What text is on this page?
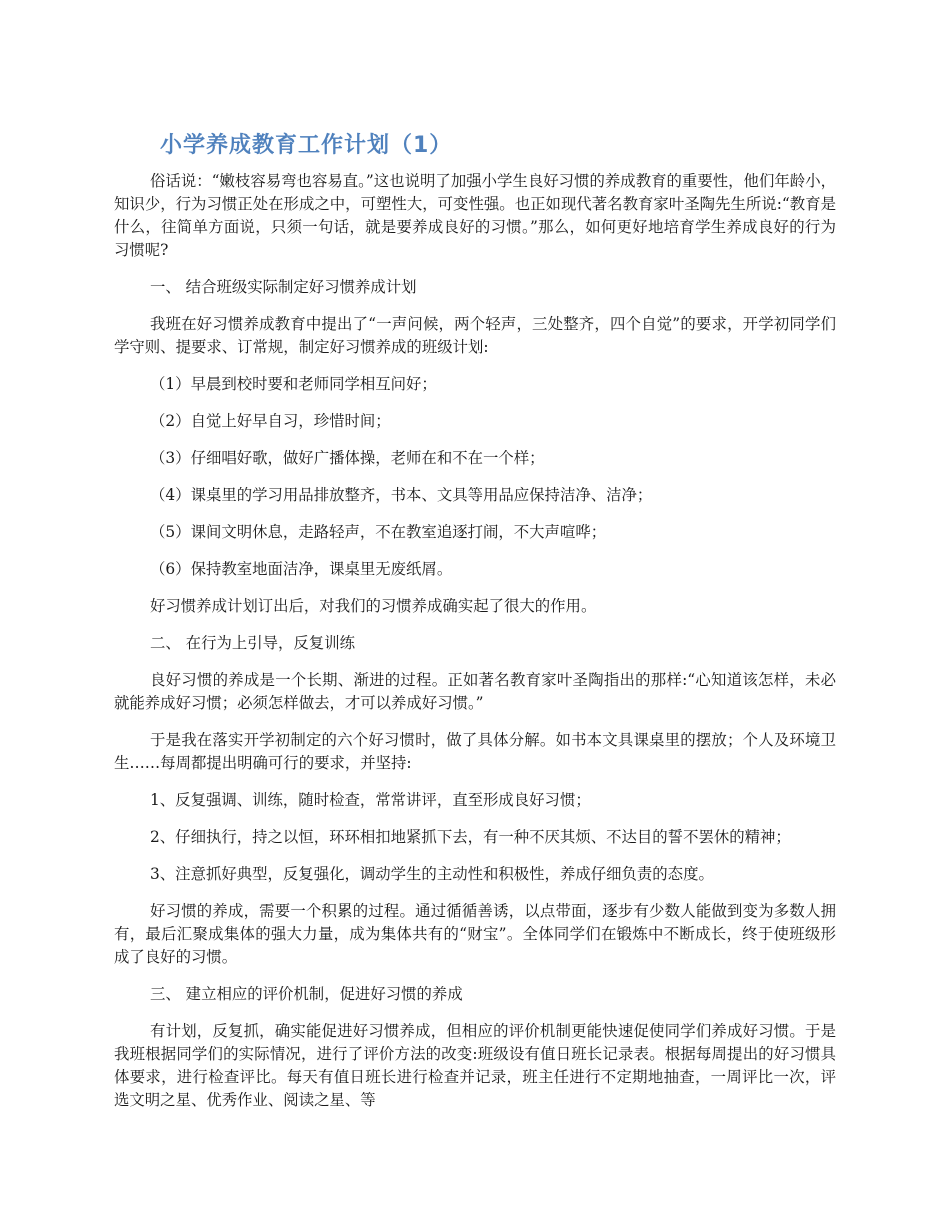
小学养成教育工作计划（1）

俗话说：“嫩枝容易弯也容易直。”这也说明了加强小学生良好习惯的养成教育的重要性，他们年龄小，知识少，行为习惯正处在形成之中，可塑性大，可变性强。也正如现代著名教育家叶圣陶先生所说:“教育是什么，往简单方面说，只须一句话，就是要养成良好的习惯。”那么，如何更好地培育学生养成良好的行为习惯呢?

一、 结合班级实际制定好习惯养成计划

我班在好习惯养成教育中提出了“一声问候，两个轻声，三处整齐，四个自觉”的要求，开学初同学们学守则、提要求、订常规，制定好习惯养成的班级计划:

（1）早晨到校时要和老师同学相互问好；

（2）自觉上好早自习，珍惜时间；

（3）仔细唱好歌，做好广播体操，老师在和不在一个样；

（4）课桌里的学习用品排放整齐，书本、文具等用品应保持洁净、洁净；

（5）课间文明休息，走路轻声，不在教室追逐打闹，不大声喧哗；

（6）保持教室地面洁净，课桌里无废纸屑。

好习惯养成计划订出后，对我们的习惯养成确实起了很大的作用。

二、 在行为上引导，反复训练

良好习惯的养成是一个长期、渐进的过程。正如著名教育家叶圣陶指出的那样:“心知道该怎样，未必就能养成好习惯；必须怎样做去，才可以养成好习惯。”

于是我在落实开学初制定的六个好习惯时，做了具体分解。如书本文具课桌里的摆放；个人及环境卫生……每周都提出明确可行的要求，并坚持:

1、反复强调、训练，随时检查，常常讲评，直至形成良好习惯；

2、仔细执行，持之以恒，环环相扣地紧抓下去，有一种不厌其烦、不达目的誓不罢休的精神；

3、注意抓好典型，反复强化，调动学生的主动性和积极性，养成仔细负责的态度。

好习惯的养成，需要一个积累的过程。通过循循善诱，以点带面，逐步有少数人能做到变为多数人拥有，最后汇聚成集体的强大力量，成为集体共有的“财宝”。全体同学们在锻炼中不断成长，终于使班级形成了良好的习惯。

三、 建立相应的评价机制，促进好习惯的养成

有计划，反复抓，确实能促进好习惯养成，但相应的评价机制更能快速促使同学们养成好习惯。于是我班根据同学们的实际情况，进行了评价方法的改变:班级设有值日班长记录表。根据每周提出的好习惯具体要求，进行检查评比。每天有值日班长进行检查并记录，班主任进行不定期地抽查，一周评比一次，评选文明之星、优秀作业、阅读之星、等
